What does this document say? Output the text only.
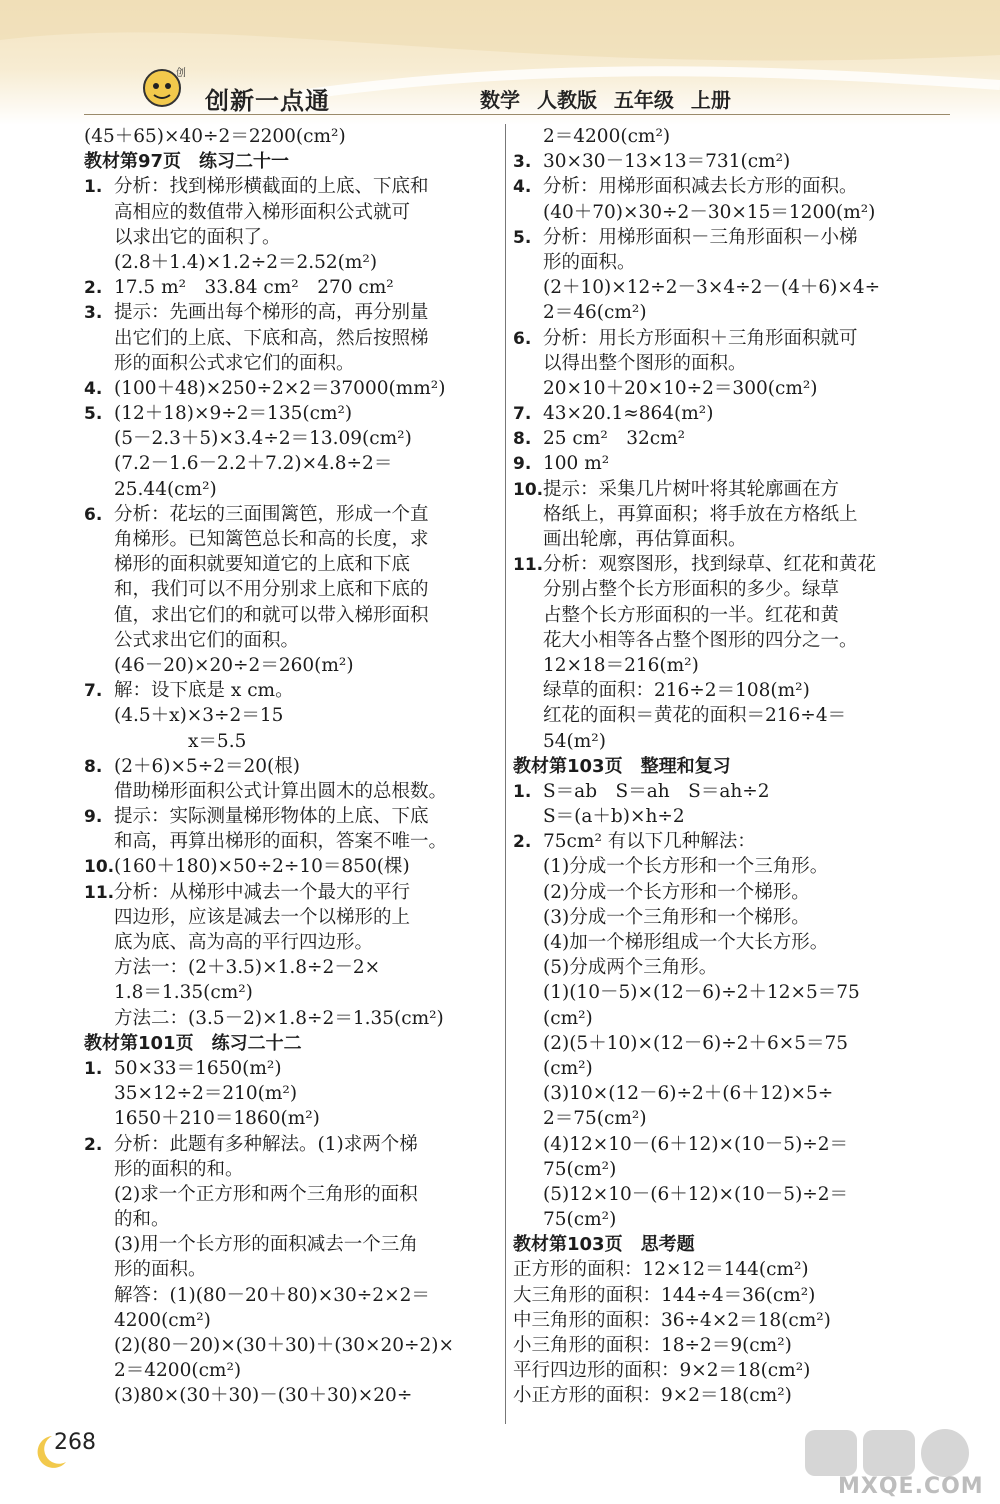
创
创新一点通	数学 人教版 五年级 上册
(45＋65)×40÷2＝2200(cm²)
教材第97页　练习二十一
1. 分析：找到梯形横截面的上底、下底和
高相应的数值带入梯形面积公式就可
以求出它的面积了。
(2.8＋1.4)×1.2÷2＝2.52(m²)
2. 17.5 m²　33.84 cm²　270 cm²
3. 提示：先画出每个梯形的高，再分别量
出它们的上底、下底和高，然后按照梯
形的面积公式求它们的面积。
4. (100＋48)×250÷2×2＝37000(mm²)
5. (12＋18)×9÷2＝135(cm²)
(5－2.3＋5)×3.4÷2＝13.09(cm²)
(7.2－1.6－2.2＋7.2)×4.8÷2＝
25.44(cm²)
6. 分析：花坛的三面围篱笆，形成一个直
角梯形。已知篱笆总长和高的长度，求
梯形的面积就要知道它的上底和下底
和，我们可以不用分别求上底和下底的
值，求出它们的和就可以带入梯形面积
公式求出它们的面积。
(46－20)×20÷2＝260(m²)
7. 解：设下底是 x cm。
(4.5＋x)×3÷2＝15
　　　　x＝5.5
8. (2＋6)×5÷2＝20(根)
借助梯形面积公式计算出圆木的总根数。
9. 提示：实际测量梯形物体的上底、下底
和高，再算出梯形的面积，答案不唯一。
10.(160＋180)×50÷2÷10＝850(棵)
11.分析：从梯形中减去一个最大的平行
四边形，应该是减去一个以梯形的上
底为底、高为高的平行四边形。
方法一：(2＋3.5)×1.8÷2－2×
1.8＝1.35(cm²)
方法二：(3.5－2)×1.8÷2＝1.35(cm²)
教材第101页　练习二十二
1. 50×33＝1650(m²)
35×12÷2＝210(m²)
1650＋210＝1860(m²)
2. 分析：此题有多种解法。(1)求两个梯
形的面积的和。
(2)求一个正方形和两个三角形的面积
的和。
(3)用一个长方形的面积减去一个三角
形的面积。
解答：(1)(80－20＋80)×30÷2×2＝
4200(cm²)
(2)(80－20)×(30＋30)＋(30×20÷2)×
2＝4200(cm²)
(3)80×(30＋30)－(30＋30)×20÷
2＝4200(cm²)
3. 30×30－13×13＝731(cm²)
4. 分析：用梯形面积减去长方形的面积。
(40＋70)×30÷2－30×15＝1200(m²)
5. 分析：用梯形面积－三角形面积－小梯
形的面积。
(2＋10)×12÷2－3×4÷2－(4＋6)×4÷
2＝46(cm²)
6. 分析：用长方形面积＋三角形面积就可
以得出整个图形的面积。
20×10＋20×10÷2＝300(cm²)
7. 43×20.1≈864(m²)
8. 25 cm²　32cm²
9. 100 m²
10.提示：采集几片树叶将其轮廓画在方
格纸上，再算面积；将手放在方格纸上
画出轮廓，再估算面积。
11.分析：观察图形，找到绿草、红花和黄花
分别占整个长方形面积的多少。绿草
占整个长方形面积的一半。红花和黄
花大小相等各占整个图形的四分之一。
12×18＝216(m²)
绿草的面积：216÷2＝108(m²)
红花的面积＝黄花的面积＝216÷4＝
54(m²)
教材第103页　整理和复习
1. S＝ab　S＝ah　S＝ah÷2
S＝(a＋b)×h÷2
2. 75cm² 有以下几种解法：
(1)分成一个长方形和一个三角形。
(2)分成一个长方形和一个梯形。
(3)分成一个三角形和一个梯形。
(4)加一个梯形组成一个大长方形。
(5)分成两个三角形。
(1)(10－5)×(12－6)÷2＋12×5＝75
(cm²)
(2)(5＋10)×(12－6)÷2＋6×5＝75
(cm²)
(3)10×(12－6)÷2＋(6＋12)×5÷
2＝75(cm²)
(4)12×10－(6＋12)×(10－5)÷2＝
75(cm²)
(5)12×10－(6＋12)×(10－5)÷2＝
75(cm²)
教材第103页　思考题
正方形的面积：12×12＝144(cm²)
大三角形的面积：144÷4＝36(cm²)
中三角形的面积：36÷4×2＝18(cm²)
小三角形的面积：18÷2＝9(cm²)
平行四边形的面积：9×2＝18(cm²)
小正方形的面积：9×2＝18(cm²)
268
MXQE.COM
